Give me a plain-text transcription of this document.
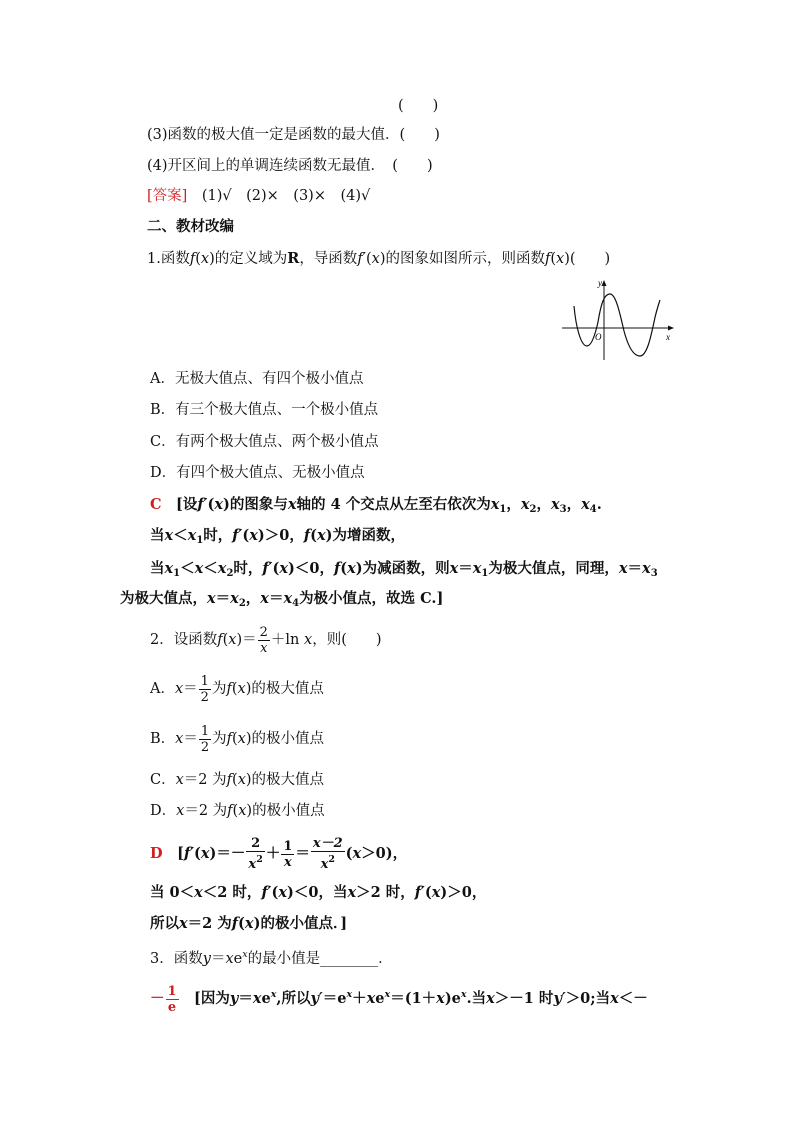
(　　)
(3)函数的极大值一定是函数的最大值．(　　)
(4)开区间上的单调连续函数无最值．　(　　)
[答案]　(1)√　(2)×　(3)×　(4)√
二、教材改编
1.函数f(x)的定义域为R，导函数f′(x)的图象如图所示，则函数f(x)(　　)
y
O	x
A．无极大值点、有四个极小值点
B．有三个极大值点、一个极小值点
C．有两个极大值点、两个极小值点
D．有四个极大值点、无极小值点
C　[设f′(x)的图象与x轴的 4 个交点从左至右依次为$x_1$，$x_2$，$x_3$，$x_4$.
当$x<x_1$时，f′(x)＞0，f(x)为增函数，
当$x_1<x<x_2$时，f′(x)＜0，f(x)为减函数，则$x=x_1$为极大值点，同理，$x=x_3$
为极大值点，$x=x_2$，$x=x_4$为极小值点，故选 C.]
2．设函数$f(x)= \frac{2}{x} +\ln$ x，则(　　)
A．$x= \frac{1}{2}$ 为f(x)的极大值点
B．$x= \frac{1}{2}$ 为f(x)的极小值点
C．x＝2 为f(x)的极大值点
D．x＝2 为f(x)的极小值点
D　[$f'(x)=- \frac{2}{x^2} + \frac{1}{x} = \frac{x-2}{x^2} (x>0)$，
当 0＜x＜2 时，f′(x)＜0，当x＞2 时，f′(x)＞0，
所以x＝2 为f(x)的极小值点．]
3．函数$y=xe^x$的最小值是________．
－ $\frac{1}{e}$ 　[因为$y=xe^x$,所以$y'=e^x+xe^x=(1+x)e^x$.当x＞－1 时y′＞0;当x＜－
